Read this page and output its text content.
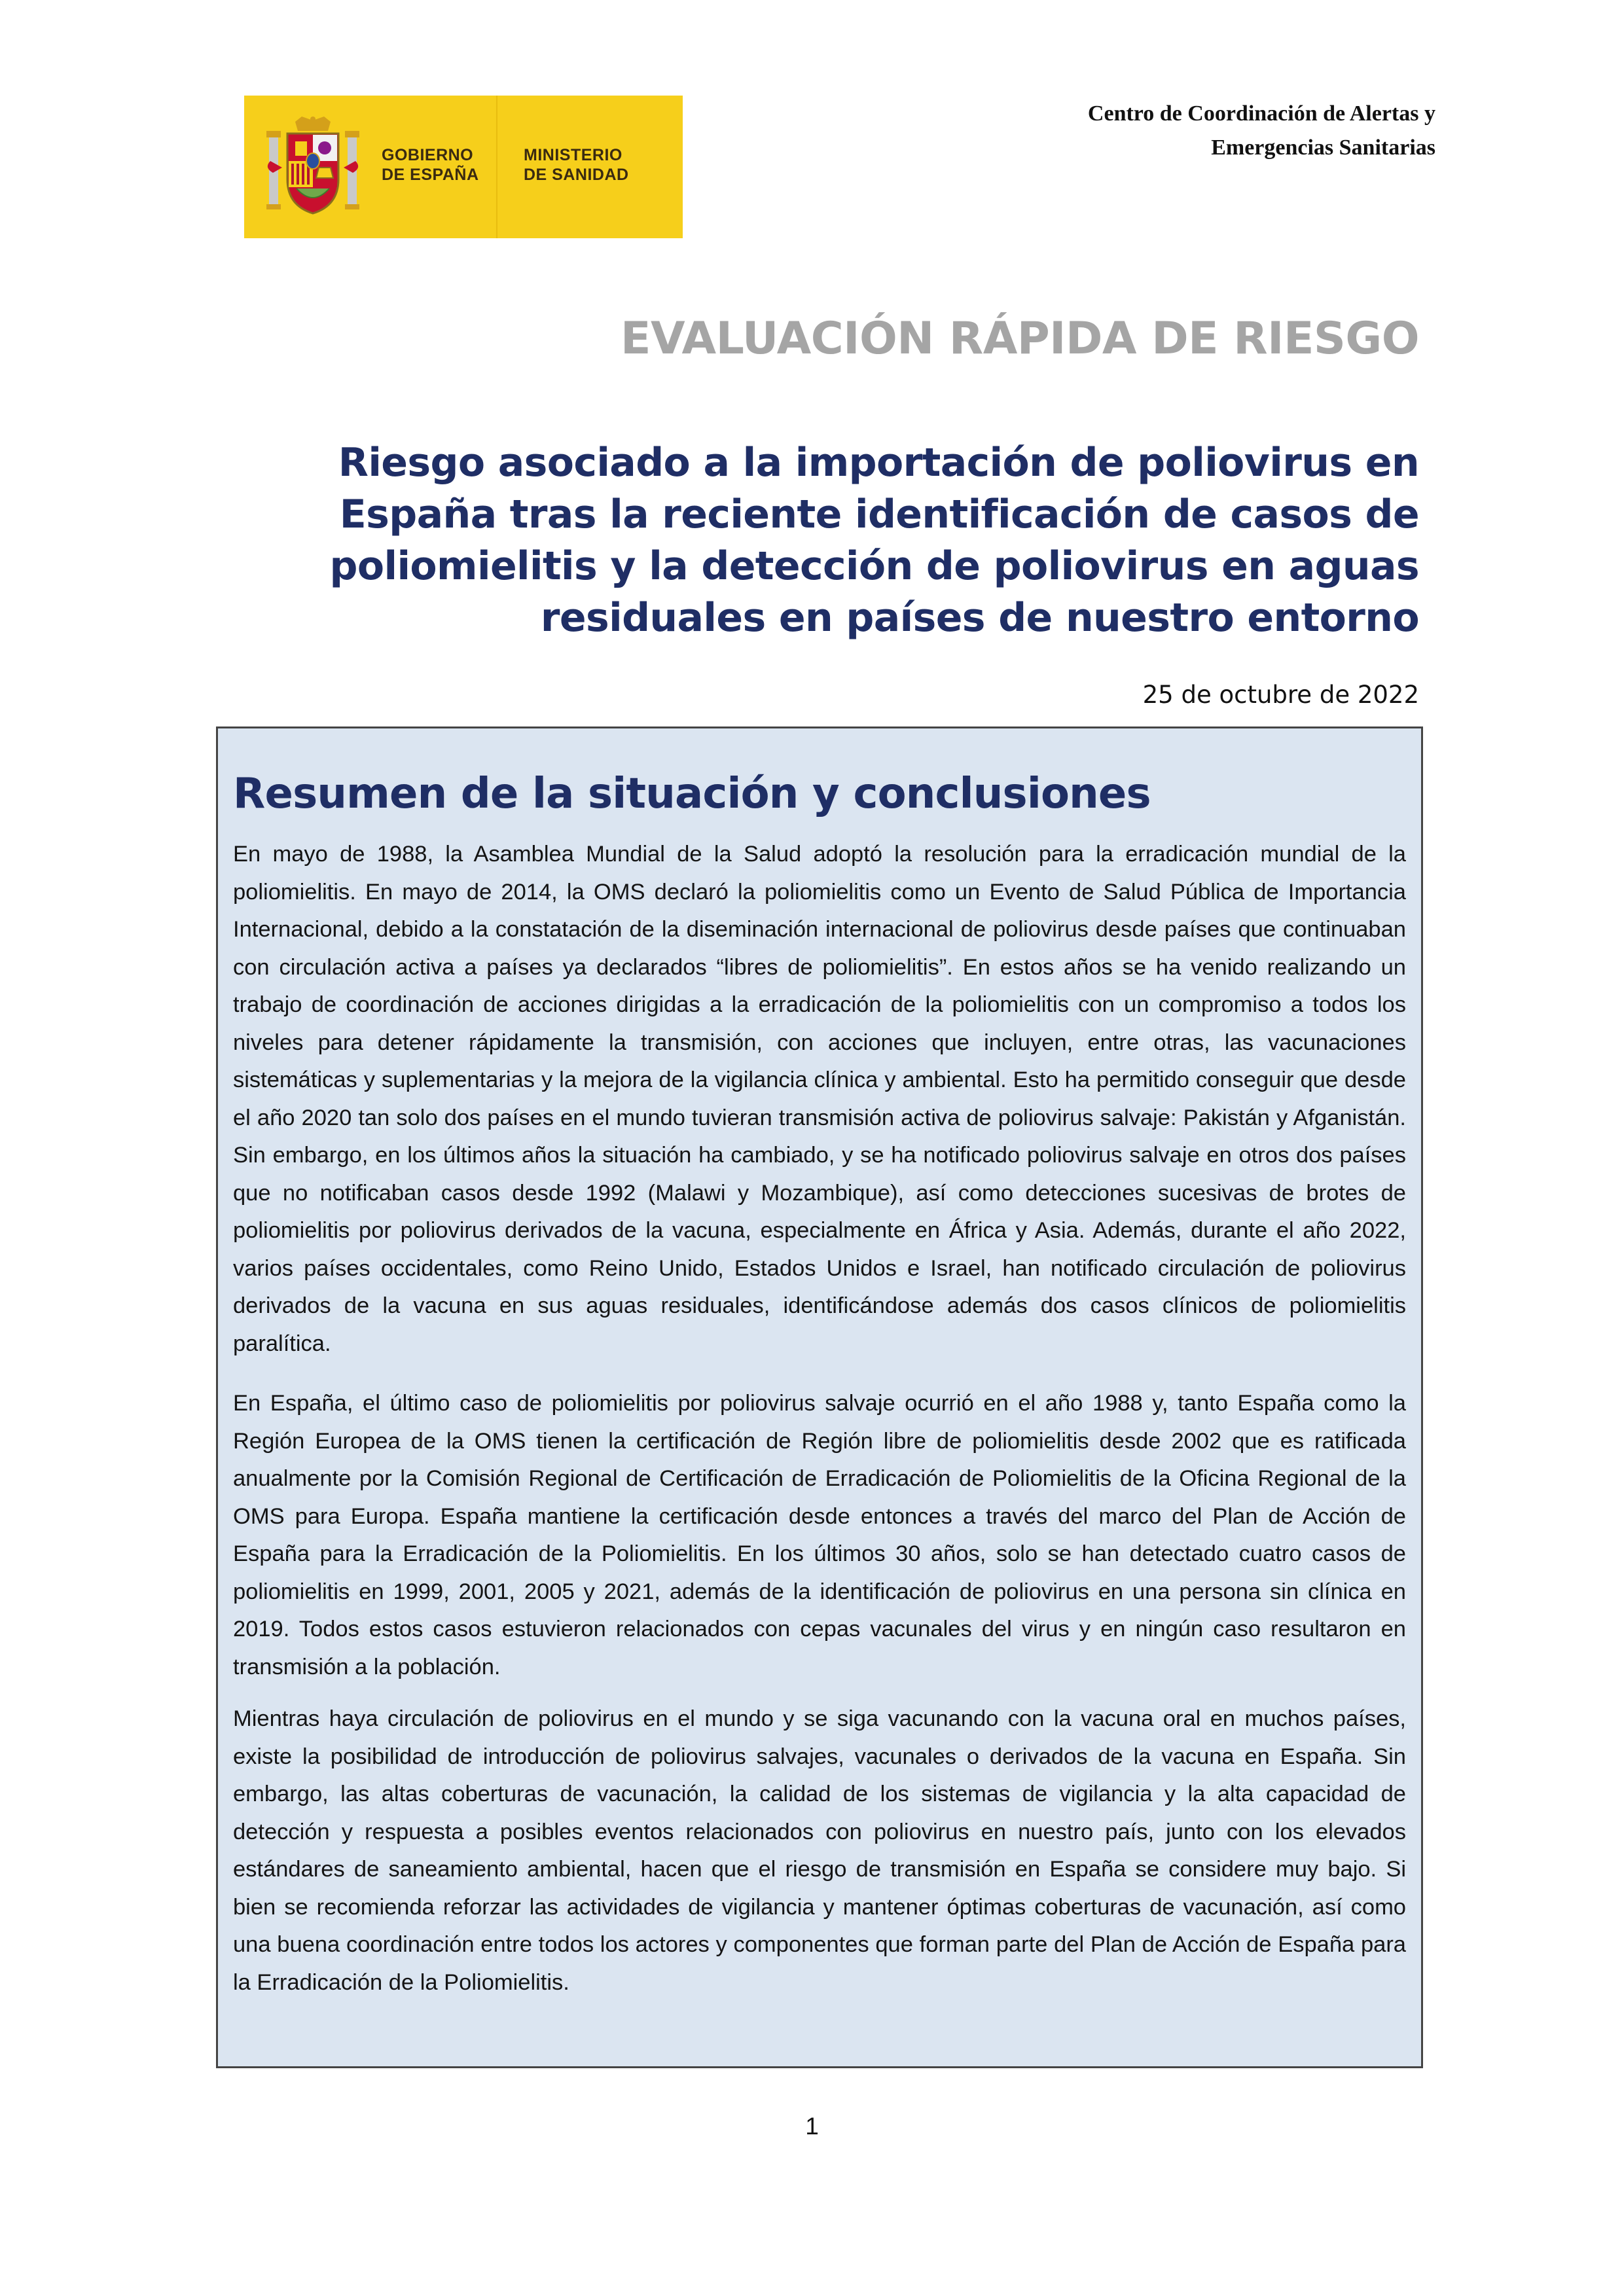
GOBIERNO
DE ESPAÑA
MINISTERIO
DE SANIDAD
Centro de Coordinación de Alertas y
Emergencias Sanitarias
EVALUACIÓN RÁPIDA DE RIESGO
Riesgo asociado a la importación de poliovirus en
España tras la reciente identificación de casos de
poliomielitis y la detección de poliovirus en aguas
residuales en países de nuestro entorno
25 de octubre de 2022
Resumen de la situación y conclusiones

En mayo de 1988, la Asamblea Mundial de la Salud adoptó la resolución para la erradicación mundial de la poliomielitis. En mayo de 2014, la OMS declaró la poliomielitis como un Evento de Salud Pública de Importancia Internacional, debido a la constatación de la diseminación internacional de poliovirus desde países que continuaban con circulación activa a países ya declarados “libres de poliomielitis”. En estos años se ha venido realizando un trabajo de coordinación de acciones dirigidas a la erradicación de la poliomielitis con un compromiso a todos los niveles para detener rápidamente la transmisión, con acciones que incluyen, entre otras, las vacunaciones sistemáticas y suplementarias y la mejora de la vigilancia clínica y ambiental. Esto ha permitido conseguir que desde el año 2020 tan solo dos países en el mundo tuvieran transmisión activa de poliovirus salvaje: Pakistán y Afganistán. Sin embargo, en los últimos años la situación ha cambiado, y se ha notificado poliovirus salvaje en otros dos países que no notificaban casos desde 1992 (Malawi y Mozambique), así como detecciones sucesivas de brotes de poliomielitis por poliovirus derivados de la vacuna, especialmente en África y Asia. Además, durante el año 2022, varios países occidentales, como Reino Unido, Estados Unidos e Israel, han notificado circulación de poliovirus derivados de la vacuna en sus aguas residuales, identificándose además dos casos clínicos de poliomielitis paralítica.

En España, el último caso de poliomielitis por poliovirus salvaje ocurrió en el año 1988 y, tanto España como la Región Europea de la OMS tienen la certificación de Región libre de poliomielitis desde 2002 que es ratificada anualmente por la Comisión Regional de Certificación de Erradicación de Poliomielitis de la Oficina Regional de la OMS para Europa. España mantiene la certificación desde entonces a través del marco del Plan de Acción de España para la Erradicación de la Poliomielitis. En los últimos 30 años, solo se han detectado cuatro casos de poliomielitis en 1999, 2001, 2005 y 2021, además de la identificación de poliovirus en una persona sin clínica en 2019. Todos estos casos estuvieron relacionados con cepas vacunales del virus y en ningún caso resultaron en transmisión a la población.

Mientras haya circulación de poliovirus en el mundo y se siga vacunando con la vacuna oral en muchos países, existe la posibilidad de introducción de poliovirus salvajes, vacunales o derivados de la vacuna en España. Sin embargo, las altas coberturas de vacunación, la calidad de los sistemas de vigilancia y la alta capacidad de detección y respuesta a posibles eventos relacionados con poliovirus en nuestro país, junto con los elevados estándares de saneamiento ambiental, hacen que el riesgo de transmisión en España se considere muy bajo. Si bien se recomienda reforzar las actividades de vigilancia y mantener óptimas coberturas de vacunación, así como una buena coordinación entre todos los actores y componentes que forman parte del Plan de Acción de España para la Erradicación de la Poliomielitis.

1
